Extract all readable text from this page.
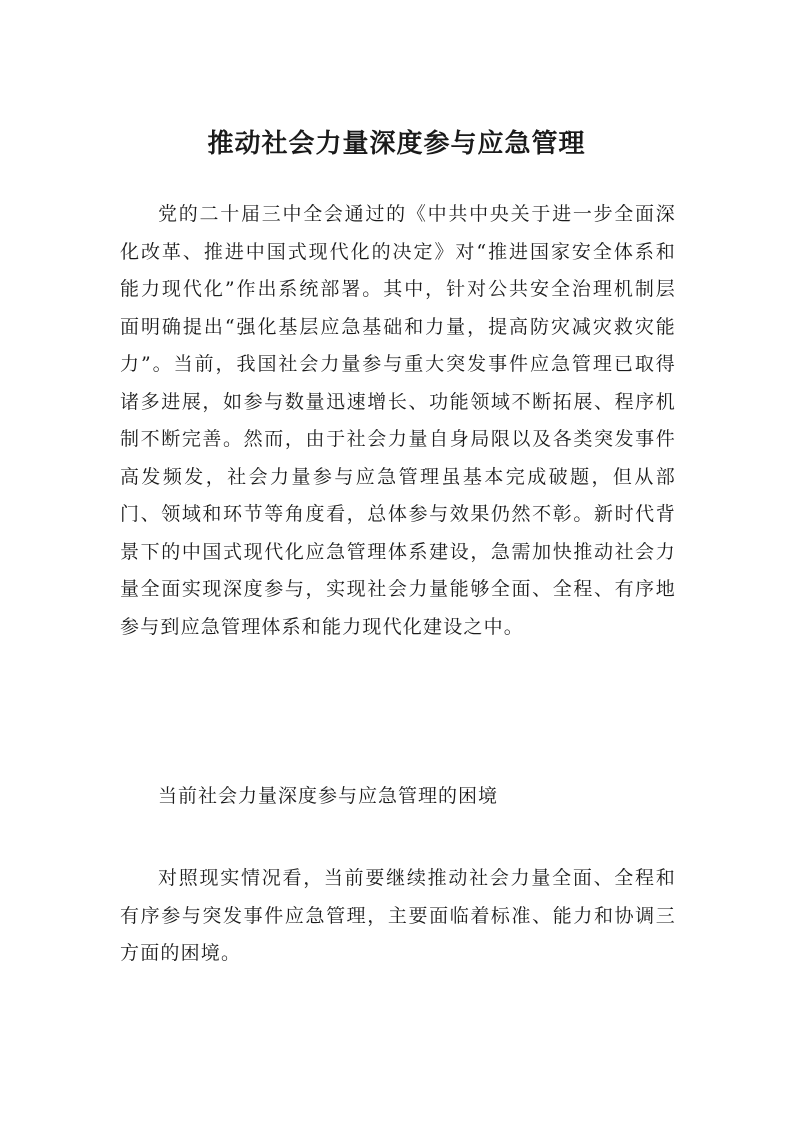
推动社会力量深度参与应急管理

党的二十届三中全会通过的《中共中央关于进一步全面深化改革、推进中国式现代化的决定》对“推进国家安全体系和能力现代化”作出系统部署。其中，针对公共安全治理机制层面明确提出“强化基层应急基础和力量，提高防灾减灾救灾能力”。当前，我国社会力量参与重大突发事件应急管理已取得诸多进展，如参与数量迅速增长、功能领域不断拓展、程序机制不断完善。然而，由于社会力量自身局限以及各类突发事件高发频发，社会力量参与应急管理虽基本完成破题，但从部门、领域和环节等角度看，总体参与效果仍然不彰。新时代背景下的中国式现代化应急管理体系建设，急需加快推动社会力量全面实现深度参与，实现社会力量能够全面、全程、有序地参与到应急管理体系和能力现代化建设之中。

当前社会力量深度参与应急管理的困境

对照现实情况看，当前要继续推动社会力量全面、全程和有序参与突发事件应急管理，主要面临着标准、能力和协调三方面的困境。
